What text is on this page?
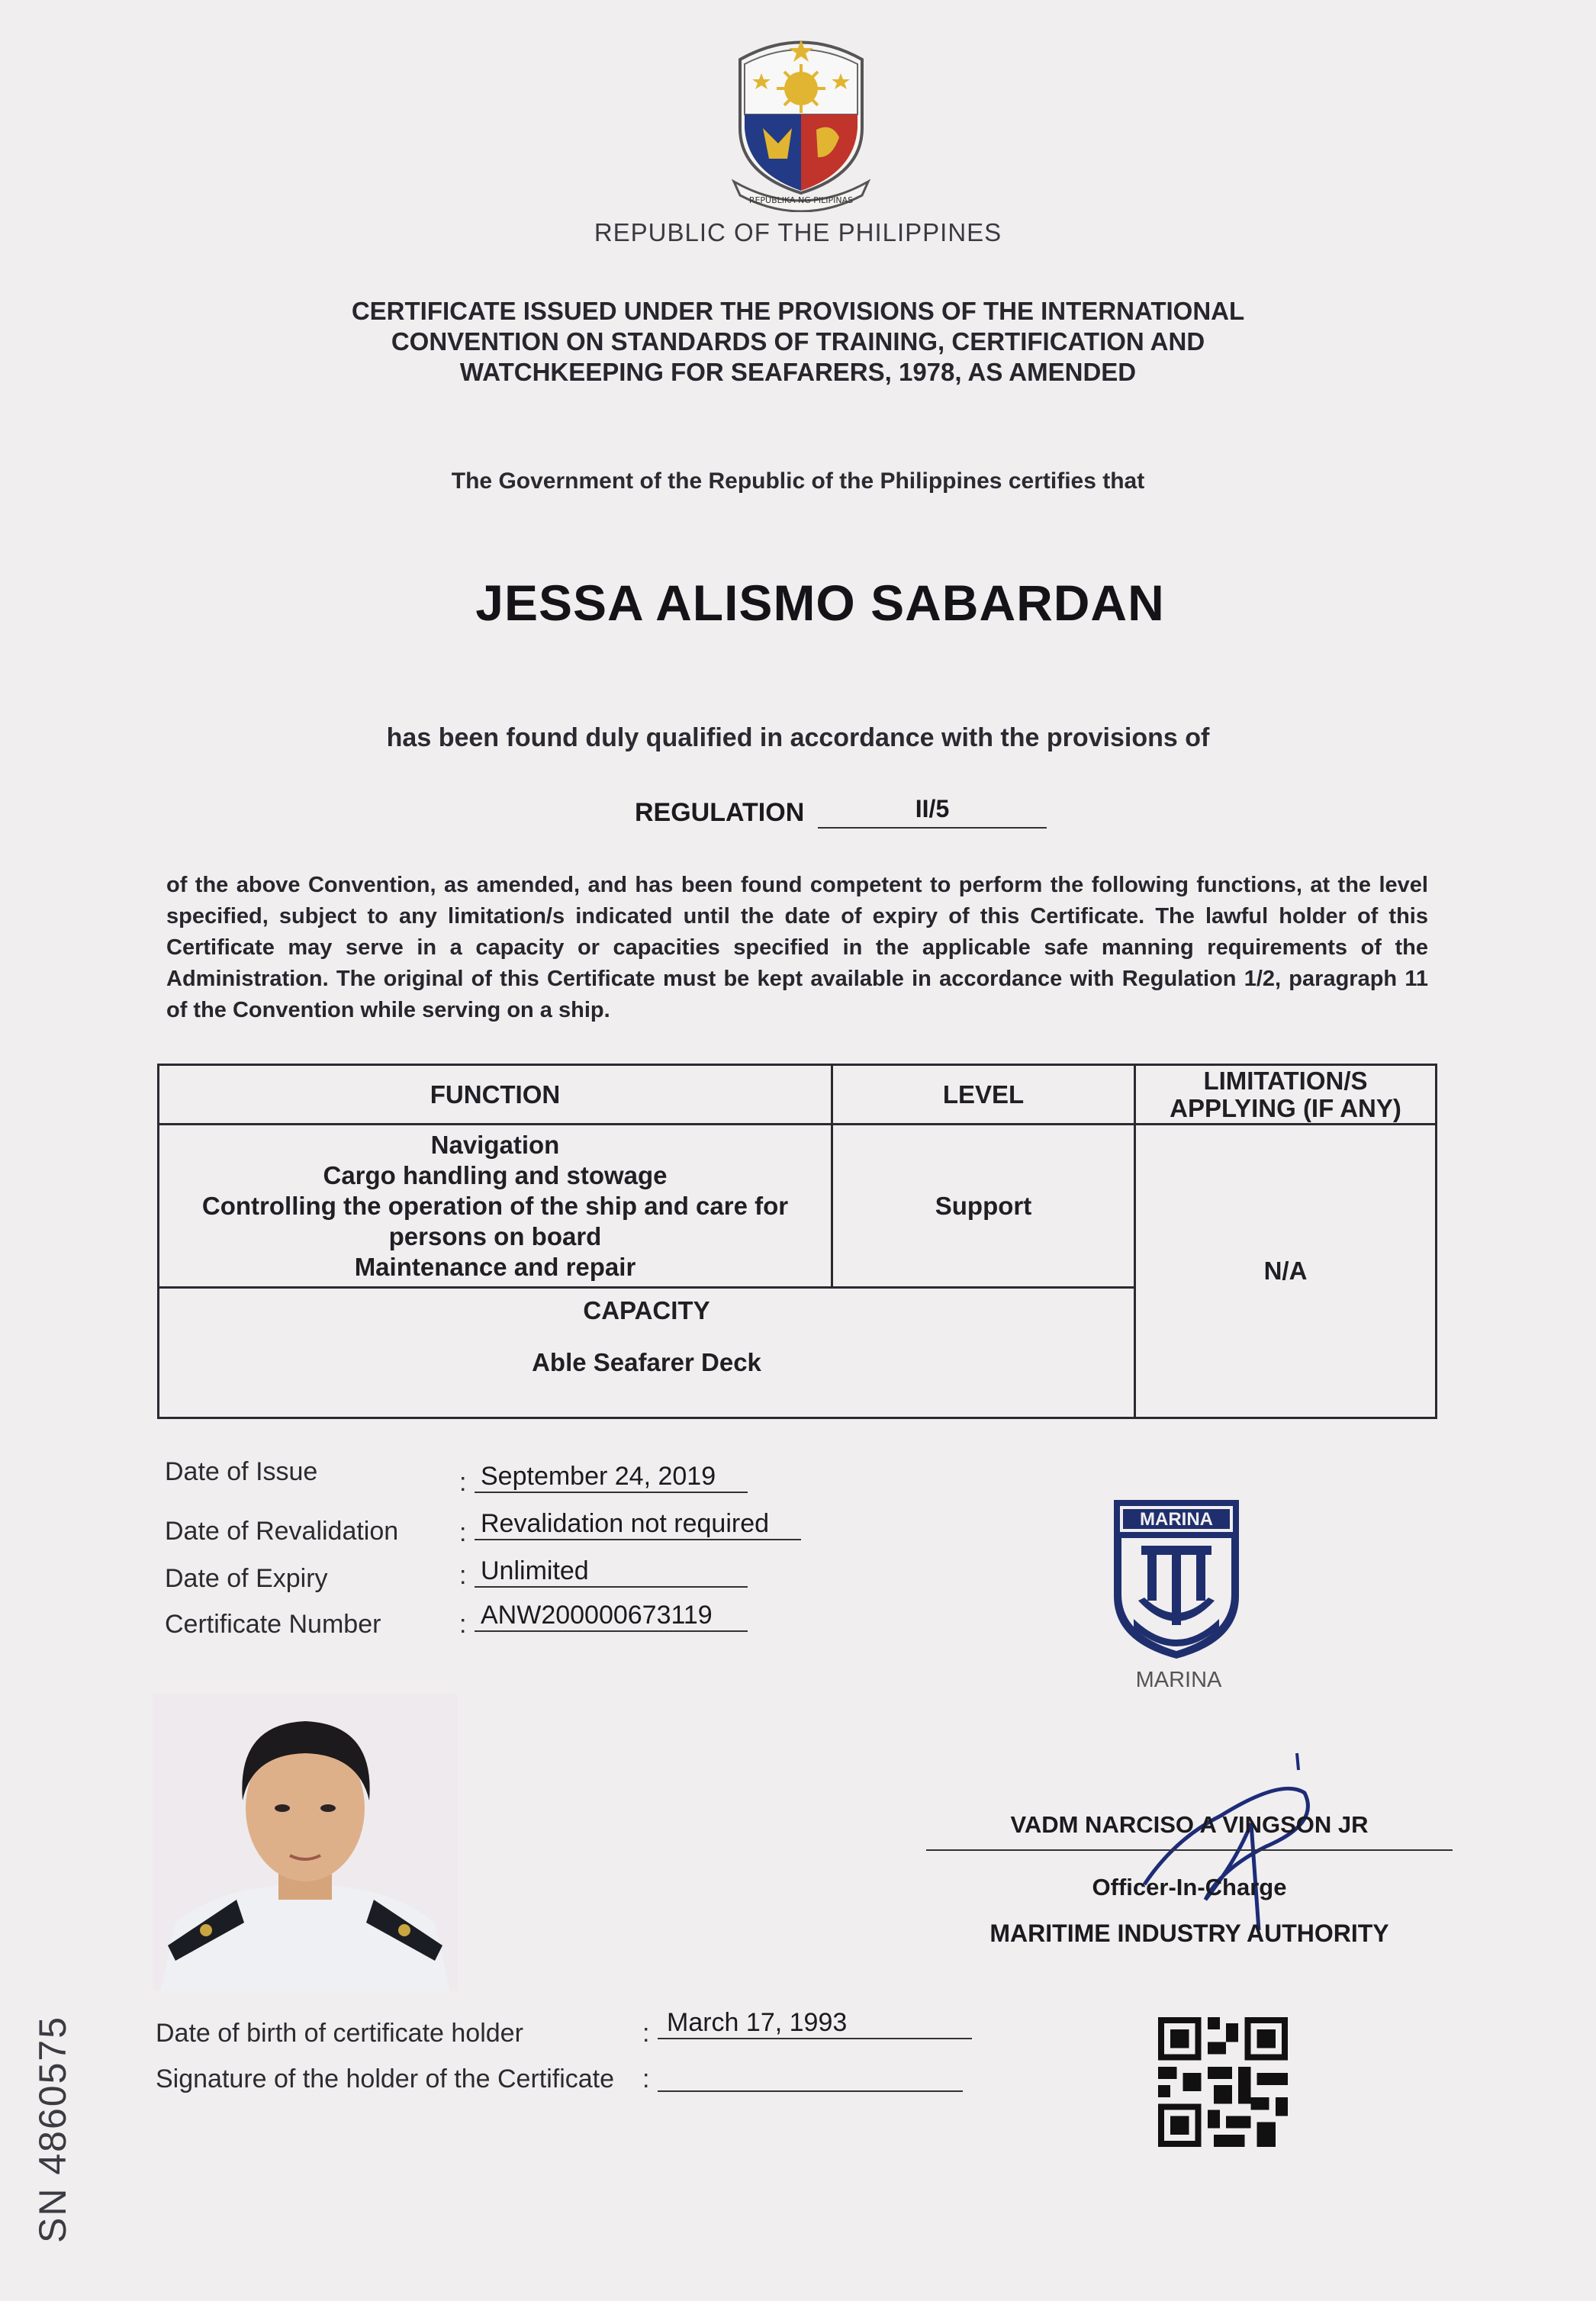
REPUBLIKA NG PILIPINAS
REPUBLIC OF THE PHILIPPINES
CERTIFICATE ISSUED UNDER THE PROVISIONS OF THE INTERNATIONAL
CONVENTION ON STANDARDS OF TRAINING, CERTIFICATION AND
WATCHKEEPING FOR SEAFARERS, 1978, AS AMENDED
The Government of the Republic of the Philippines certifies that
JESSA ALISMO SABARDAN
has been found duly qualified in accordance with the provisions of
REGULATION	II/5
of the above Convention, as amended, and has been found competent to perform the following functions, at the level specified, subject to any limitation/s indicated until the date of expiry of this Certificate. The lawful holder of this Certificate may serve in a capacity or capacities specified in the applicable safe manning requirements of the Administration. The original of this Certificate must be kept available in accordance with Regulation 1/2, paragraph 11 of the Convention while serving on a ship.
FUNCTION	LEVEL	LIMITATION/S
APPLYING (IF ANY)

Navigation
Cargo handling and stowage
Controlling the operation of the ship and care for
persons on board
Maintenance and repair	Support	N/A

CAPACITY
Able Seafarer Deck		
Date of Issue	: September 24, 2019
Date of Revalidation : Revalidation not required
Date of Expiry	: Unlimited
Certificate Number	: ANW200000673119
MARINA
MARINA
VADM NARCISO A VINGSON JR
Officer-In-Charge
MARITIME INDUSTRY AUTHORITY
Date of birth of certificate holder	: March 17, 1993
Signature of the holder of the Certificate :
SN 4860575
